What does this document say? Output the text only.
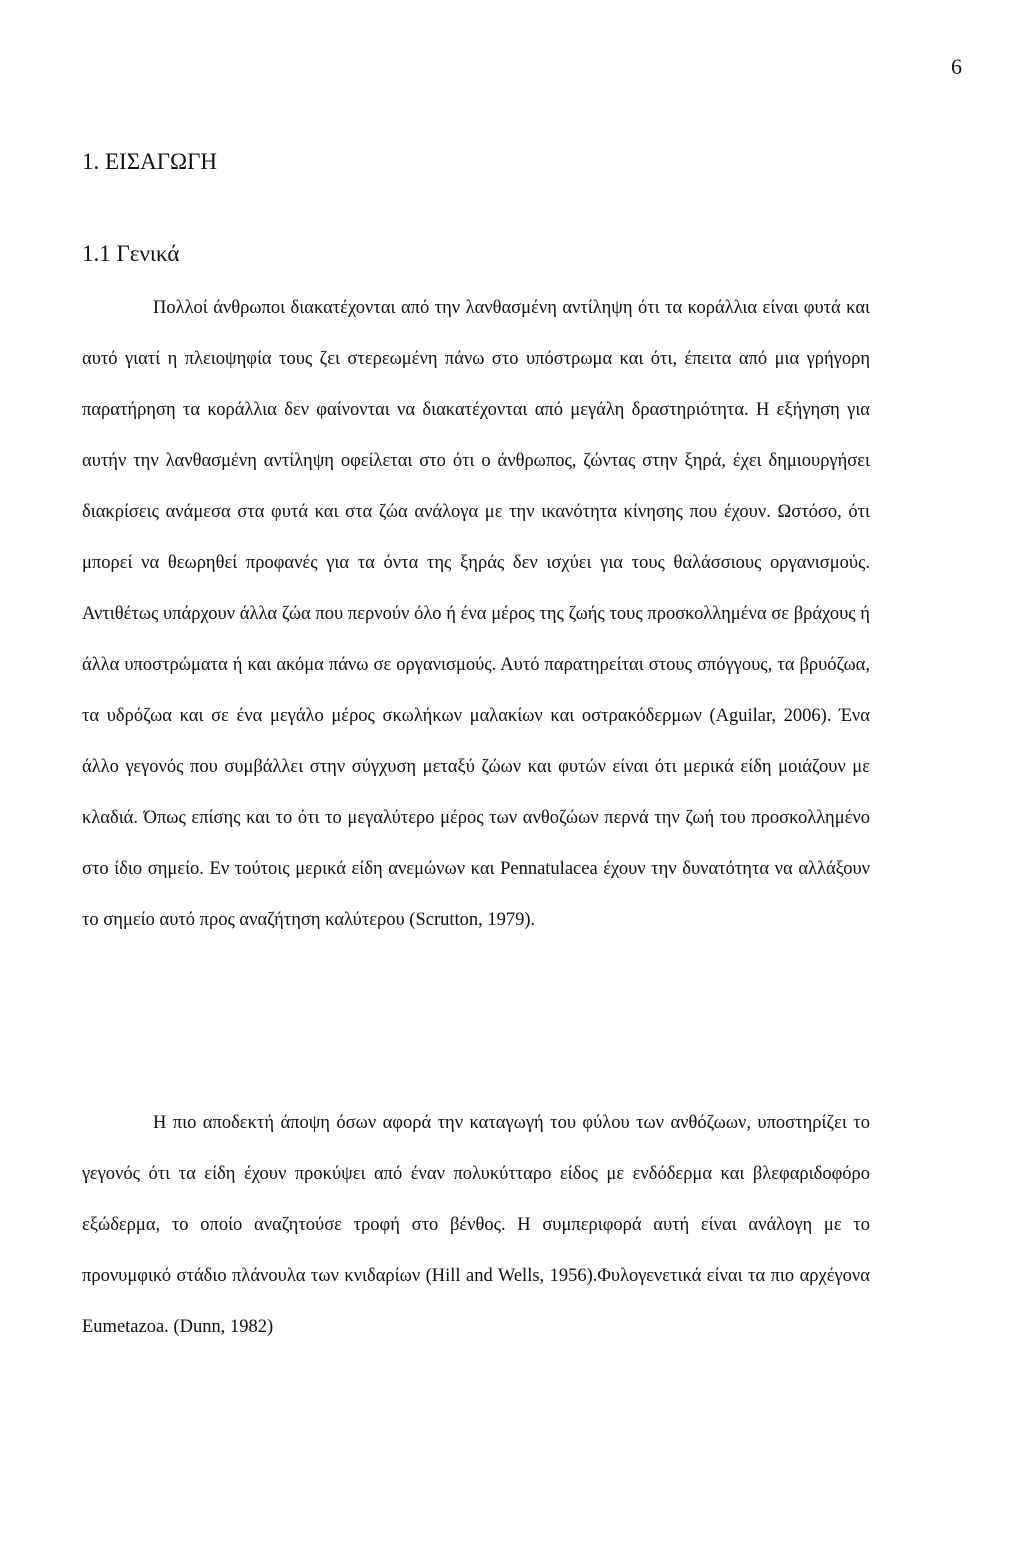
6
1. ΕΙΣΑΓΩΓΗ
1.1 Γενικά

Πολλοί άνθρωποι διακατέχονται από την λανθασμένη αντίληψη ότι τα κοράλλια είναι φυτά και αυτό γιατί η πλειοψηφία τους ζει στερεωμένη πάνω στο υπόστρωμα και ότι, έπειτα από μια γρήγορη παρατήρηση τα κοράλλια δεν φαίνονται να διακατέχονται από μεγάλη δραστηριότητα. Η εξήγηση για αυτήν την λανθασμένη αντίληψη οφείλεται στο ότι ο άνθρωπος, ζώντας στην ξηρά, έχει δημιουργήσει διακρίσεις ανάμεσα στα φυτά και στα ζώα ανάλογα με την ικανότητα κίνησης που έχουν. Ωστόσο, ότι μπορεί να θεωρηθεί προφανές για τα όντα της ξηράς δεν ισχύει για τους θαλάσσιους οργανισμούς. Αντιθέτως υπάρχουν άλλα ζώα που περνούν όλο ή ένα μέρος της ζωής τους προσκολλημένα σε βράχους ή άλλα υποστρώματα ή και ακόμα πάνω σε οργανισμούς. Αυτό παρατηρείται στους σπόγγους, τα βρυόζωα, τα υδρόζωα και σε ένα μεγάλο μέρος σκωλήκων μαλακίων και οστρακόδερμων (Aguilar, 2006). Ένα άλλο γεγονός που συμβάλλει στην σύγχυση μεταξύ ζώων και φυτών είναι ότι μερικά είδη μοιάζουν με κλαδιά. Όπως επίσης και το ότι το μεγαλύτερο μέρος των ανθοζώων περνά την ζωή του προσκολλημένο στο ίδιο σημείο. Εν τούτοις μερικά είδη ανεμώνων και Pennatulacea έχουν την δυνατότητα να αλλάξουν το σημείο αυτό προς αναζήτηση καλύτερου (Scrutton, 1979).

Η πιο αποδεκτή άποψη όσων αφορά την καταγωγή του φύλου των ανθόζωων, υποστηρίζει το γεγονός ότι τα είδη έχουν προκύψει από έναν πολυκύτταρο είδος με ενδόδερμα και βλεφαριδοφόρο εξώδερμα, το οποίο αναζητούσε τροφή στο βένθος. Η συμπεριφορά αυτή είναι ανάλογη με το προνυμφικό στάδιο πλάνουλα των κνιδαρίων (Hill and Wells, 1956).Φυλογενετικά είναι τα πιο αρχέγονα Eumetazoa. (Dunn, 1982)
